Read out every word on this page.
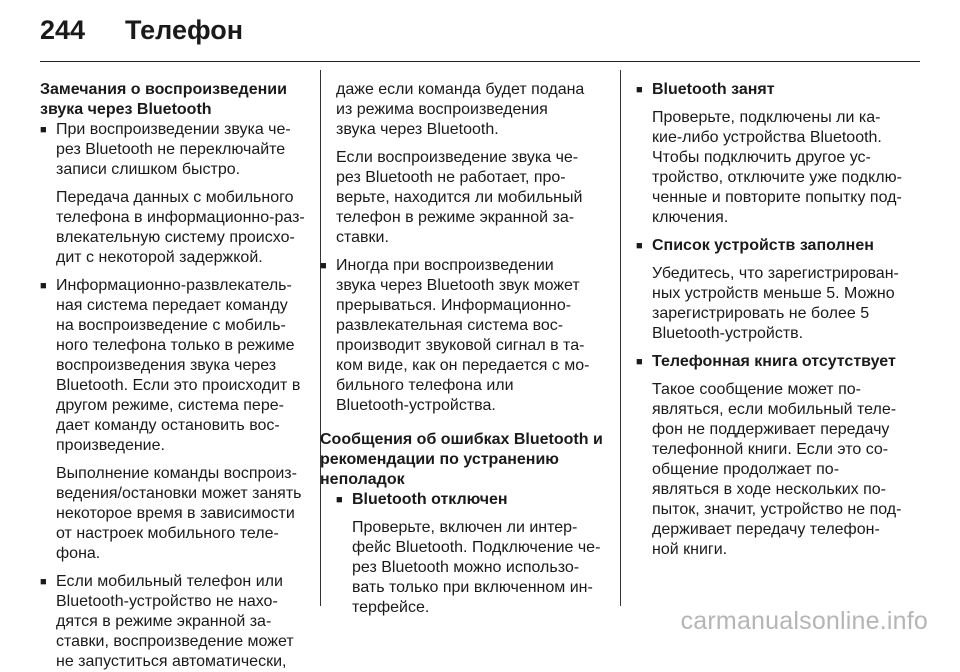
244 Телефон
Замечания о воспроизведении
звука через Bluetooth
■ При воспроизведении звука че-
рез Bluetooth не переключайте
записи слишком быстро.
Передача данных с мобильного
телефона в информационно-раз-
влекательную систему происхо-
дит с некоторой задержкой.
■ Информационно-развлекатель-
ная система передает команду
на воспроизведение с мобиль-
ного телефона только в режиме
воспроизведения звука через
Bluetooth. Если это происходит в
другом режиме, система пере-
дает команду остановить вос-
произведение.
Выполнение команды воспроиз-
ведения/остановки может занять
некоторое время в зависимости
от настроек мобильного теле-
фона.
■ Если мобильный телефон или
Bluetooth-устройство не нахо-
дятся в режиме экранной за-
ставки, воспроизведение может
не запуститься автоматически,
даже если команда будет подана
из режима воспроизведения
звука через Bluetooth.
Если воспроизведение звука че-
рез Bluetooth не работает, про-
верьте, находится ли мобильный
телефон в режиме экранной за-
ставки.
■ Иногда при воспроизведении
звука через Bluetooth звук может
прерываться. Информационно-
развлекательная система вос-
производит звуковой сигнал в та-
ком виде, как он передается с мо-
бильного телефона или
Bluetooth-устройства.
Сообщения об ошибках Bluetooth и
рекомендации по устранению
неполадок
■ Bluetooth отключен
Проверьте, включен ли интер-
фейс Bluetooth. Подключение че-
рез Bluetooth можно использо-
вать только при включенном ин-
терфейсе.
■ Bluetooth занят
Проверьте, подключены ли ка-
кие-либо устройства Bluetooth.
Чтобы подключить другое ус-
тройство, отключите уже подклю-
ченные и повторите попытку под-
ключения.
■ Список устройств заполнен
Убедитесь, что зарегистрирован-
ных устройств меньше 5. Можно
зарегистрировать не более 5
Bluetooth-устройств.
■ Телефонная книга отсутствует
Такое сообщение может по-
являться, если мобильный теле-
фон не поддерживает передачу
телефонной книги. Если это со-
общение продолжает по-
являться в ходе нескольких по-
пыток, значит, устройство не под-
держивает передачу телефон-
ной книги.
carmanualsonline.info
